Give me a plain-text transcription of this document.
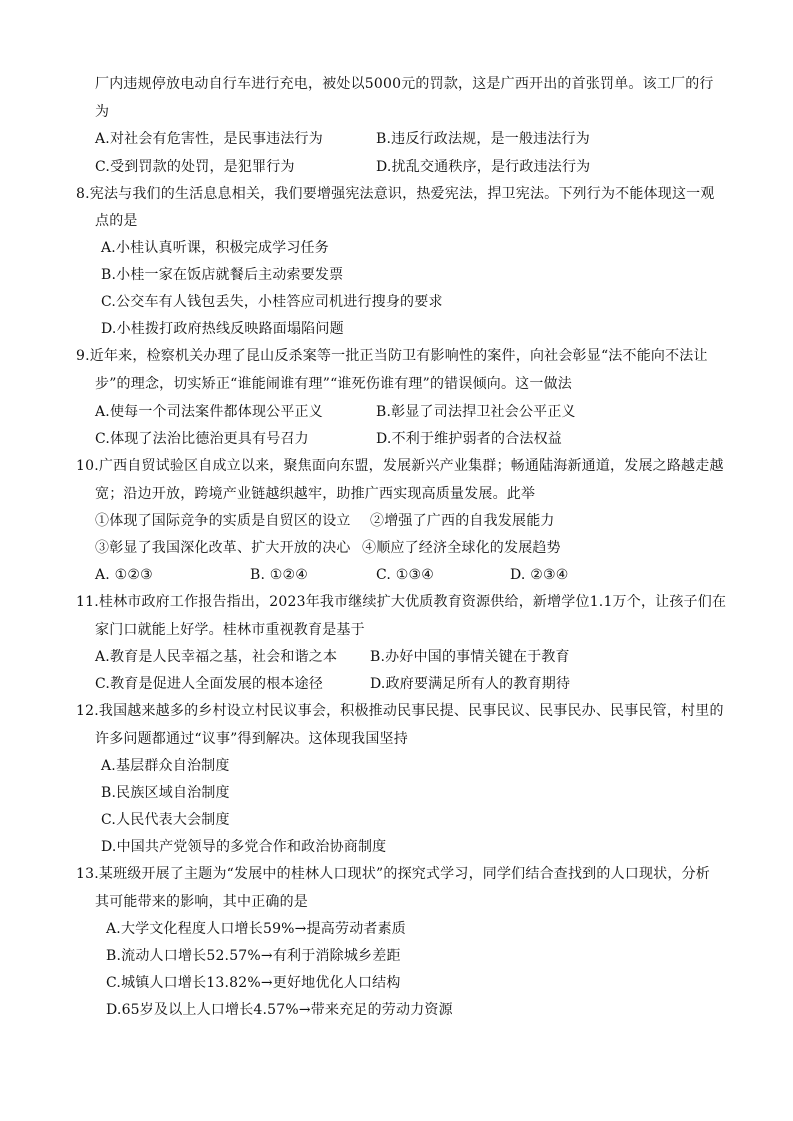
厂内违规停放电动自行车进行充电，被处以5000元的罚款，这是广西开出的首张罚单。该工厂的行
为
A.对社会有危害性，是民事违法行为	B.违反行政法规，是一般违法行为
C.受到罚款的处罚，是犯罪行为	D.扰乱交通秩序，是行政违法行为
8.宪法与我们的生活息息相关，我们要增强宪法意识，热爱宪法，捍卫宪法。下列行为不能体现这一观
点的是
A.小桂认真听课，积极完成学习任务
B.小桂一家在饭店就餐后主动索要发票
C.公交车有人钱包丢失，小桂答应司机进行搜身的要求
D.小桂拨打政府热线反映路面塌陷问题
9.近年来，检察机关办理了昆山反杀案等一批正当防卫有影响性的案件，向社会彰显“法不能向不法让
步”的理念，切实矫正“谁能闹谁有理”“谁死伤谁有理”的错误倾向。这一做法
A.使每一个司法案件都体现公平正义	B.彰显了司法捍卫社会公平正义
C.体现了法治比德治更具有号召力	D.不利于维护弱者的合法权益
10.广西自贸试验区自成立以来，聚焦面向东盟，发展新兴产业集群；畅通陆海新通道，发展之路越走越
宽；沿边开放，跨境产业链越织越牢，助推广西实现高质量发展。此举
①体现了国际竞争的实质是自贸区的设立 ②增强了广西的自我发展能力
③彰显了我国深化改革、扩大开放的决心 ④顺应了经济全球化的发展趋势
A. ①②③	B. ①②④	C. ①③④	D. ②③④
11.桂林市政府工作报告指出，2023年我市继续扩大优质教育资源供给，新增学位1.1万个，让孩子们在
家门口就能上好学。桂林市重视教育是基于
A.教育是人民幸福之基，社会和谐之本 B.办好中国的事情关键在于教育
C.教育是促进人全面发展的根本途径	D.政府要满足所有人的教育期待
12.我国越来越多的乡村设立村民议事会，积极推动民事民提、民事民议、民事民办、民事民管，村里的
许多问题都通过“议事”得到解决。这体现我国坚持
A.基层群众自治制度
B.民族区域自治制度
C.人民代表大会制度
D.中国共产党领导的多党合作和政治协商制度
13.某班级开展了主题为“发展中的桂林人口现状”的探究式学习，同学们结合查找到的人口现状，分析
其可能带来的影响，其中正确的是
A.大学文化程度人口增长59%→提高劳动者素质
B.流动人口增长52.57%→有利于消除城乡差距
C.城镇人口增长13.82%→更好地优化人口结构
D.65岁及以上人口增长4.57%→带来充足的劳动力资源
